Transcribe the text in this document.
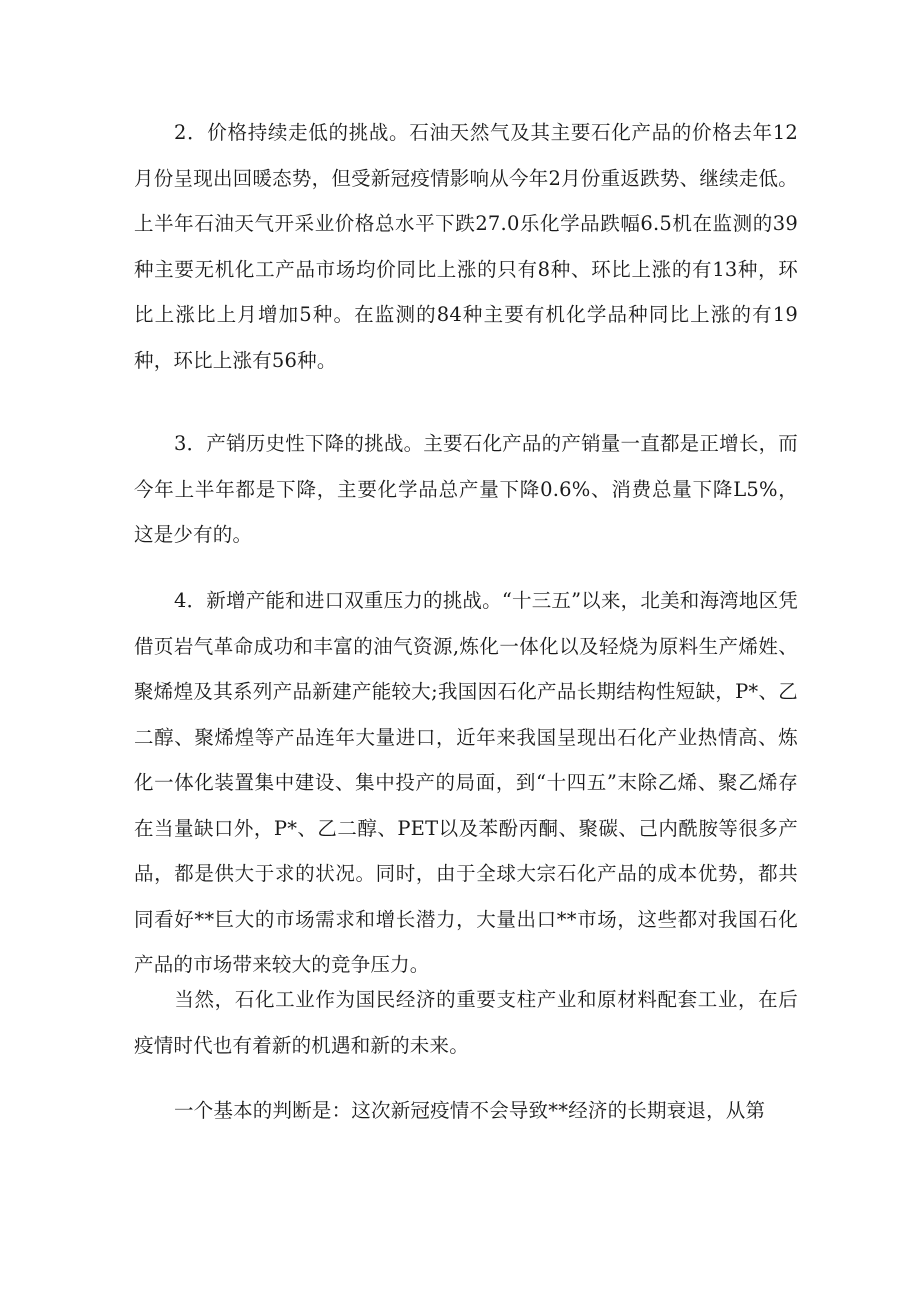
2．价格持续走低的挑战。石油天然气及其主要石化产品的价格去年12月份呈现出回暖态势，但受新冠疫情影响从今年2月份重返跌势、继续走低。上半年石油天气开采业价格总水平下跌27.0乐化学品跌幅6.5机在监测的39种主要无机化工产品市场均价同比上涨的只有8种、环比上涨的有13种，环比上涨比上月增加5种。在监测的84种主要有机化学品种同比上涨的有19种，环比上涨有56种。

3．产销历史性下降的挑战。主要石化产品的产销量一直都是正增长，而今年上半年都是下降，主要化学品总产量下降0.6%、消费总量下降L5%，这是少有的。

4．新增产能和进口双重压力的挑战。“十三五”以来，北美和海湾地区凭借页岩气革命成功和丰富的油气资源,炼化一体化以及轻烧为原料生产烯姓、聚烯煌及其系列产品新建产能较大;我国因石化产品长期结构性短缺，P*、乙二醇、聚烯煌等产品连年大量进口，近年来我国呈现出石化产业热情高、炼化一体化装置集中建设、集中投产的局面，到“十四五”末除乙烯、聚乙烯存在当量缺口外，P*、乙二醇、PET以及苯酚丙酮、聚碳、己内酰胺等很多产品，都是供大于求的状况。同时，由于全球大宗石化产品的成本优势，都共同看好**巨大的市场需求和增长潜力，大量出口**市场，这些都对我国石化产品的市场带来较大的竞争压力。

当然，石化工业作为国民经济的重要支柱产业和原材料配套工业，在后疫情时代也有着新的机遇和新的未来。

一个基本的判断是：这次新冠疫情不会导致**经济的长期衰退，从第
